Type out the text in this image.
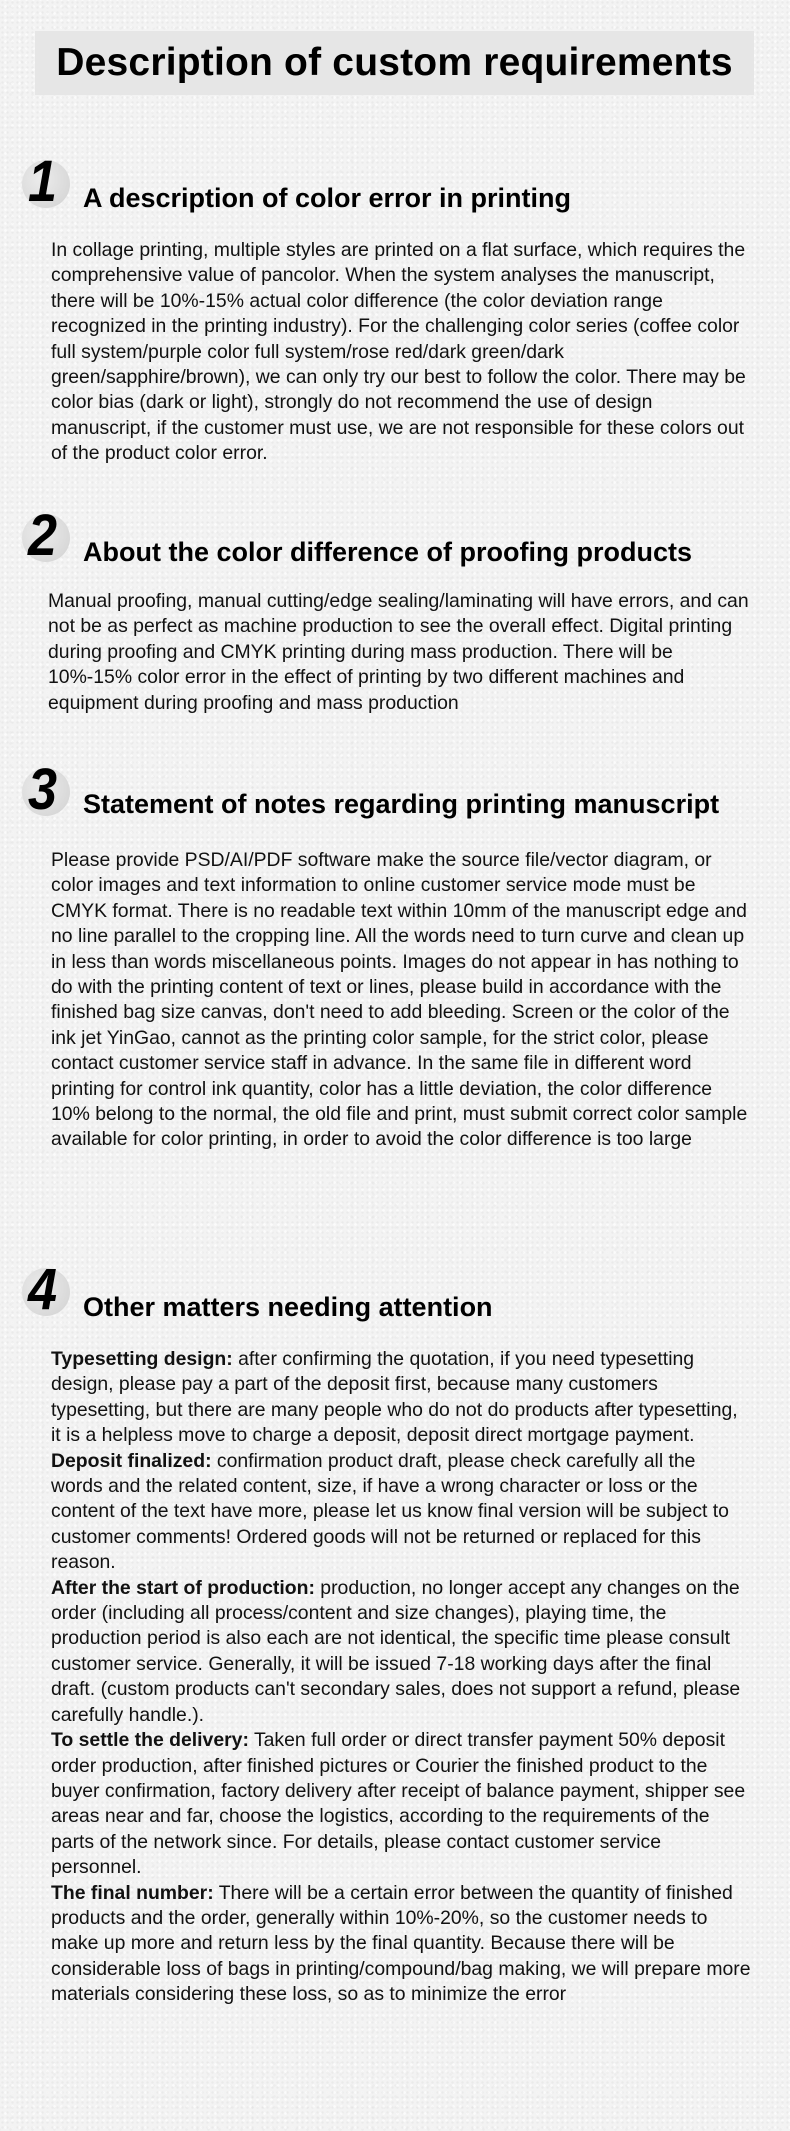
Description of custom requirements
1 A description of color error in printing

In collage printing, multiple styles are printed on a flat surface, which requires the comprehensive value of pancolor. When the system analyses the manuscript, there will be 10%-15% actual color difference (the color deviation range recognized in the printing industry). For the challenging color series (coffee color full system/purple color full system/rose red/dark green/dark green/sapphire/brown), we can only try our best to follow the color. There may be color bias (dark or light), strongly do not recommend the use of design manuscript, if the customer must use, we are not responsible for these colors out of the product color error.

2 About the color difference of proofing products

Manual proofing, manual cutting/edge sealing/laminating will have errors, and can not be as perfect as machine production to see the overall effect. Digital printing during proofing and CMYK printing during mass production. There will be 10%-15% color error in the effect of printing by two different machines and equipment during proofing and mass production

3 Statement of notes regarding printing manuscript

Please provide PSD/AI/PDF software make the source file/vector diagram, or color images and text information to online customer service mode must be CMYK format. There is no readable text within 10mm of the manuscript edge and no line parallel to the cropping line. All the words need to turn curve and clean up in less than words miscellaneous points. Images do not appear in has nothing to do with the printing content of text or lines, please build in accordance with the finished bag size canvas, don't need to add bleeding. Screen or the color of the ink jet YinGao, cannot as the printing color sample, for the strict color, please contact customer service staff in advance. In the same file in different word printing for control ink quantity, color has a little deviation, the color difference 10% belong to the normal, the old file and print, must submit correct color sample available for color printing, in order to avoid the color difference is too large

4 Other matters needing attention

Typesetting design: after confirming the quotation, if you need typesetting design, please pay a part of the deposit first, because many customers typesetting, but there are many people who do not do products after typesetting, it is a helpless move to charge a deposit, deposit direct mortgage payment.

Deposit finalized: confirmation product draft, please check carefully all the words and the related content, size, if have a wrong character or loss or the content of the text have more, please let us know final version will be subject to customer comments! Ordered goods will not be returned or replaced for this reason.

After the start of production: production, no longer accept any changes on the order (including all process/content and size changes), playing time, the production period is also each are not identical, the specific time please consult customer service. Generally, it will be issued 7-18 working days after the final draft. (custom products can't secondary sales, does not support a refund, please carefully handle.).

To settle the delivery: Taken full order or direct transfer payment 50% deposit order production, after finished pictures or Courier the finished product to the buyer confirmation, factory delivery after receipt of balance payment, shipper see areas near and far, choose the logistics, according to the requirements of the parts of the network since. For details, please contact customer service personnel.

The final number: There will be a certain error between the quantity of finished products and the order, generally within 10%-20%, so the customer needs to make up more and return less by the final quantity. Because there will be considerable loss of bags in printing/compound/bag making, we will prepare more materials considering these loss, so as to minimize the error
